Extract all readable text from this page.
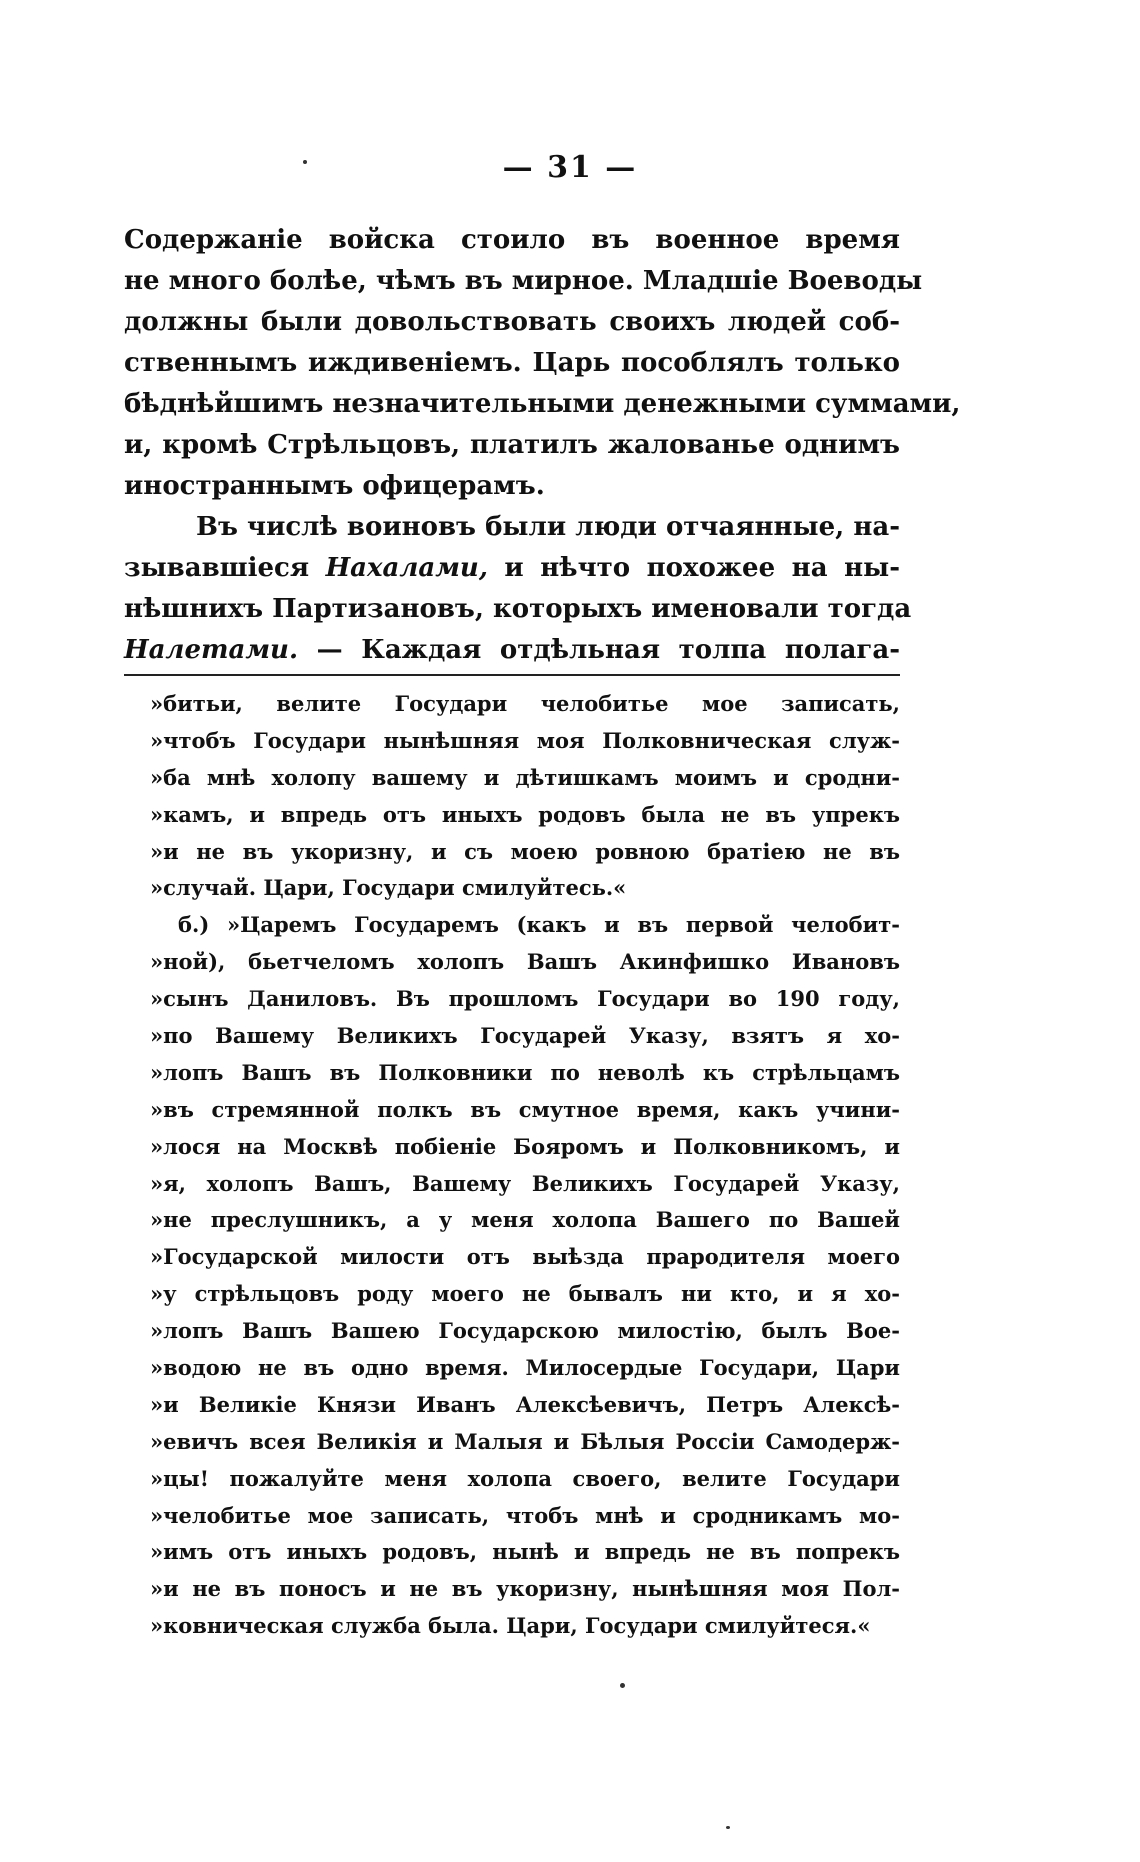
— 31 —
Содержаніе войска стоило въ военное время
не много болѣе, чѣмъ въ мирное. Младшіе Воеводы
должны были довольствовать своихъ людей соб-
ственнымъ иждивеніемъ. Царь пособлялъ только
бѣднѣйшимъ незначительными денежными суммами,
и, кромѣ Стрѣльцовъ, платилъ жалованье однимъ
иностраннымъ офицерамъ.
Въ числѣ воиновъ были люди отчаянные, на-
зывавшіеся Нахалами, и нѣчто похожее на ны-
нѣшнихъ Партизановъ, которыхъ именовали тогда
Налетами. — Каждая отдѣльная толпа полага-
»битьи, велите Государи челобитье мое записать,
»чтобъ Государи нынѣшняя моя Полковническая служ-
»ба мнѣ холопу вашему и дѣтишкамъ моимъ и сродни-
»камъ, и впредь отъ иныхъ родовъ была не въ упрекъ
»и не въ укоризну, и съ моею ровною братіею не въ
»случай. Цари, Государи смилуйтесь.«
б.) »Царемъ Государемъ (какъ и въ первой челобит-
»ной), бьетчеломъ холопъ Вашъ Акинфишко Ивановъ
»сынъ Даниловъ. Въ прошломъ Государи во 190 году,
»по Вашему Великихъ Государей Указу, взятъ я хо-
»лопъ Вашъ въ Полковники по неволѣ къ стрѣльцамъ
»въ стремянной полкъ въ смутное время, какъ учини-
»лося на Москвѣ побіеніе Бояромъ и Полковникомъ, и
»я, холопъ Вашъ, Вашему Великихъ Государей Указу,
»не преслушникъ, а у меня холопа Вашего по Вашей
»Государской милости отъ выѣзда прародителя моего
»у стрѣльцовъ роду моего не бывалъ ни кто, и я хо-
»лопъ Вашъ Вашею Государскою милостію, былъ Вое-
»водою не въ одно время. Милосердые Государи, Цари
»и Великіе Князи Иванъ Алексѣевичъ, Петръ Алексѣ-
»евичъ всея Великія и Малыя и Бѣлыя Россіи Самодерж-
»цы! пожалуйте меня холопа своего, велите Государи
»челобитье мое записать, чтобъ мнѣ и сродникамъ мо-
»имъ отъ иныхъ родовъ, нынѣ и впредь не въ попрекъ
»и не въ поносъ и не въ укоризну, нынѣшняя моя Пол-
»ковническая служба была. Цари, Государи смилуйтеся.«
